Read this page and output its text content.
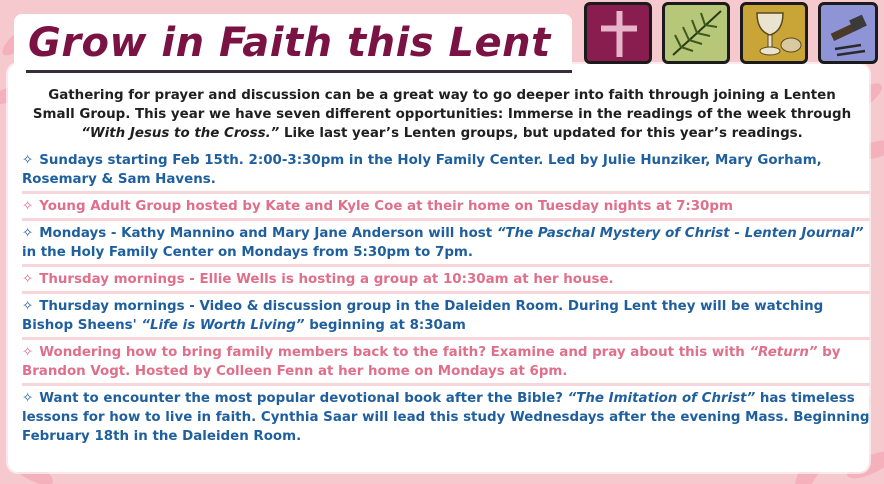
Grow in Faith this Lent

Gathering for prayer and discussion can be a great way to go deeper into faith through joining a Lenten
Small Group. This year we have seven different opportunities: Immerse in the readings of the week through
“With Jesus to the Cross.” Like last year’s Lenten groups, but updated for this year’s readings.

✧ Sundays starting Feb 15th. 2:00-3:30pm in the Holy Family Center. Led by Julie Hunziker, Mary Gorham, Rosemary & Sam Havens.

✧ Young Adult Group hosted by Kate and Kyle Coe at their home on Tuesday nights at 7:30pm

✧ Mondays - Kathy Mannino and Mary Jane Anderson will host “The Paschal Mystery of Christ - Lenten Journal” in the Holy Family Center on Mondays from 5:30pm to 7pm.

✧ Thursday mornings - Ellie Wells is hosting a group at 10:30am at her house.

✧ Thursday mornings - Video & discussion group in the Daleiden Room. During Lent they will be watching Bishop Sheens' “Life is Worth Living” beginning at 8:30am

✧ Wondering how to bring family members back to the faith? Examine and pray about this with “Return” by Brandon Vogt. Hosted by Colleen Fenn at her home on Mondays at 6pm.

✧ Want to encounter the most popular devotional book after the Bible? “The Imitation of Christ” has timeless lessons for how to live in faith. Cynthia Saar will lead this study Wednesdays after the evening Mass. Beginning February 18th in the Daleiden Room.
